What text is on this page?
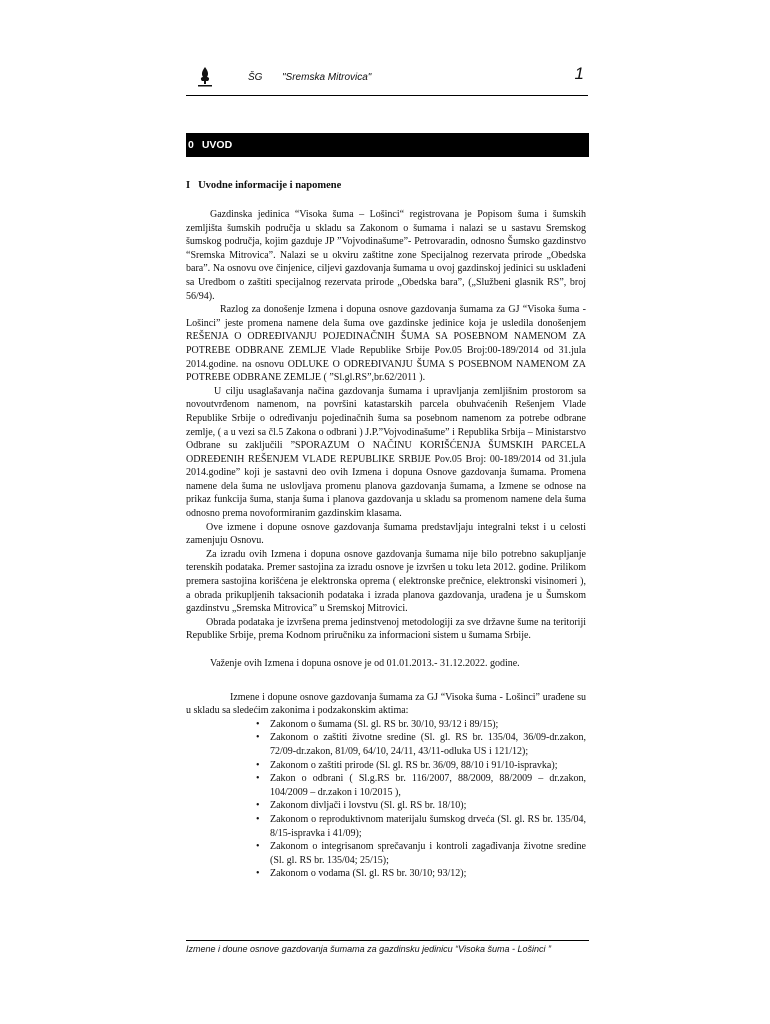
ŠG "Sremska Mitrovica"	1
0 UVOD
I Uvodne informacije i napomene

Gazdinska jedinica “Visoka šuma – Lošinci“ registrovana je Popisom šuma i šumskih zemljišta šumskih područja u skladu sa Zakonom o šumama i nalazi se u sastavu Sremskog šumskog područja, kojim gazduje JP ”Vojvodinašume”- Petrovaradin, odnosno Šumsko gazdinstvo “Sremska Mitrovica”. Nalazi se u okviru zaštitne zone Specijalnog rezervata prirode „Obedska bara”. Na osnovu ove činjenice, ciljevi gazdovanja šumama u ovoj gazdinskoj jedinici su usklađeni sa Uredbom o zaštiti specijalnog rezervata prirode „Obedska bara”, („Službeni glasnik RS”, broj 56/94).

Razlog za donošenje Izmena i dopuna osnove gazdovanja šumama za GJ “Visoka šuma - Lošinci” jeste promena namene dela šuma ove gazdinske jedinice koja je usledila donošenjem REŠENJA O ODREĐIVANJU POJEDINAČNIH ŠUMA SA POSEBNOM NAMENOM ZA POTREBE ODBRANE ZEMLJE Vlade Republike Srbije Pov.05 Broj:00-189/2014 od 31.jula 2014.godine. na osnovu ODLUKE O ODREĐIVANJU ŠUMA S POSEBNOM NAMENOM ZA POTREBE ODBRANE ZEMLJE ( ”Sl.gl.RS”,br.62/2011 ).

U cilju usaglašavanja načina gazdovanja šumama i upravljanja zemljišnim prostorom sa novoutvrđenom namenom, na površini katastarskih parcela obuhvaćenih Rešenjem Vlade Republike Srbije o određivanju pojedinačnih šuma sa posebnom namenom za potrebe odbrane zemlje, ( a u vezi sa čl.5 Zakona o odbrani ) J.P.”Vojvodinašume” i Republika Srbija – Ministarstvo Odbrane su zaključili ”SPORAZUM O NAČINU KORIŠĆENJA ŠUMSKIH PARCELA ODREĐENIH REŠENJEM VLADE REPUBLIKE SRBIJE Pov.05 Broj: 00-189/2014 od 31.jula 2014.godine” koji je sastavni deo ovih Izmena i dopuna Osnove gazdovanja šumama. Promena namene dela šuma ne uslovljava promenu planova gazdovanja šumama, a Izmene se odnose na prikaz funkcija šuma, stanja šuma i planova gazdovanja u skladu sa promenom namene dela šuma odnosno prema novoformiranim gazdinskim klasama.

Ove izmene i dopune osnove gazdovanja šumama predstavljaju integralni tekst i u celosti zamenjuju Osnovu.

Za izradu ovih Izmena i dopuna osnove gazdovanja šumama nije bilo potrebno sakupljanje terenskih podataka. Premer sastojina za izradu osnove je izvršen u toku leta 2012. godine. Prilikom premera sastojina korišćena je elektronska oprema ( elektronske prečnice, elektronski visinomeri ), a obrada prikupljenih taksacionih podataka i izrada planova gazdovanja, urađena je u Šumskom gazdinstvu „Sremska Mitrovica” u Sremskoj Mitrovici.

Obrada podataka je izvršena prema jedinstvenoj metodologiji za sve državne šume na teritoriji Republike Srbije, prema Kodnom priručniku za informacioni sistem u šumama Srbije.

Važenje ovih Izmena i dopuna osnove je od 01.01.2013.- 31.12.2022. godine.

Izmene i dopune osnove gazdovanja šumama za GJ “Visoka šuma - Lošinci” urađene su u skladu sa sledećim zakonima i podzakonskim aktima:

• Zakonom o šumama (Sl. gl. RS br. 30/10, 93/12 i 89/15);
• Zakonom o zaštiti životne sredine (Sl. gl. RS br. 135/04, 36/09-dr.zakon, 72/09-dr.zakon, 81/09, 64/10, 24/11, 43/11-odluka US i 121/12);
• Zakonom o zaštiti prirode (Sl. gl. RS br. 36/09, 88/10 i 91/10-ispravka);
• Zakon o odbrani ( Sl.g.RS br. 116/2007, 88/2009, 88/2009 – dr.zakon, 104/2009 – dr.zakon i 10/2015 ),
• Zakonom divljači i lovstvu (Sl. gl. RS br. 18/10);
• Zakonom o reproduktivnom materijalu šumskog drveća (Sl. gl. RS br. 135/04, 8/15-ispravka i 41/09);
• Zakonom o integrisanom sprečavanju i kontroli zagađivanja životne sredine (Sl. gl. RS br. 135/04; 25/15);
• Zakonom o vodama (Sl. gl. RS br. 30/10; 93/12);
Izmene i doune osnove gazdovanja šumama za gazdinsku jedinicu “Visoka šuma - Lošinci ”
